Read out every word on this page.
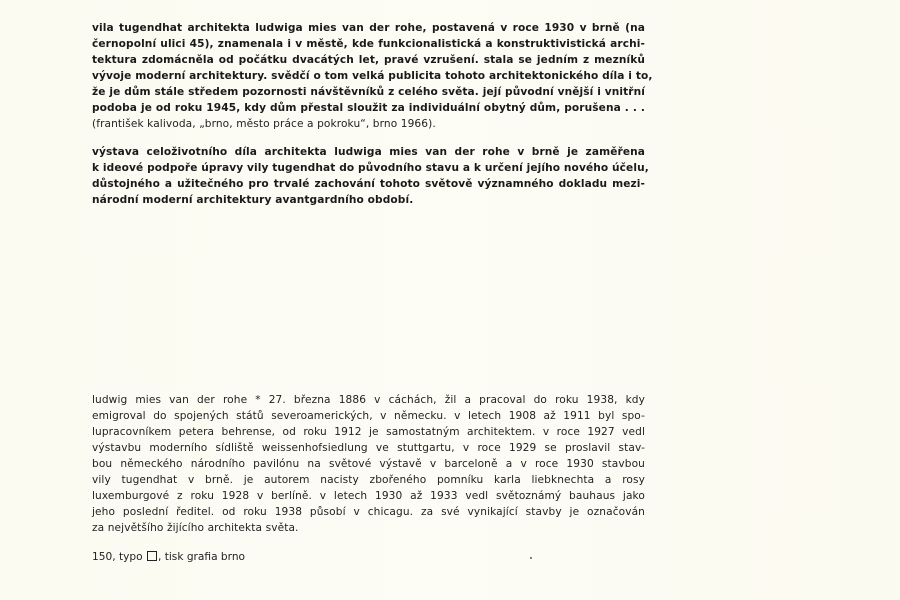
vila tugendhat architekta ludwiga mies van der rohe, postavená v roce 1930 v brně (na
černopolní ulici 45), znamenala i v městě, kde funkcionalistická a konstruktivistická archi-
tektura zdomácněla od počátku dvacátých let, pravé vzrušení. stala se jedním z mezníků
vývoje moderní architektury. svědčí o tom velká publicita tohoto architektonického díla i to,
že je dům stále středem pozornosti návštěvníků z celého světa. její původní vnější i vnitřní
podoba je od roku 1945, kdy dům přestal sloužit za individuální obytný dům, porušena . . .
(františek kalivoda, „brno, město práce a pokroku“, brno 1966).
výstava celoživotního díla architekta ludwiga mies van der rohe v brně je zaměřena
k ideové podpoře úpravy vily tugendhat do původního stavu a k určení jejího nového účelu,
důstojného a užitečného pro trvalé zachování tohoto světově významného dokladu mezi-
národní moderní architektury avantgardního období.
ludwig mies van der rohe * 27. března 1886 v cáchách, žil a pracoval do roku 1938, kdy
emigroval do spojených států severoamerických, v německu. v letech 1908 až 1911 byl spo-
lupracovníkem petera behrense, od roku 1912 je samostatným architektem. v roce 1927 vedl
výstavbu moderního sídliště weissenhofsiedlung ve stuttgartu, v roce 1929 se proslavil stav-
bou německého národního pavilónu na světové výstavě v barceloně a v roce 1930 stavbou
vily tugendhat v brně. je autorem nacisty zbořeného pomníku karla liebknechta a rosy
luxemburgové z roku 1928 v berlíně. v letech 1930 až 1933 vedl světoznámý bauhaus jako
jeho poslední ředitel. od roku 1938 působí v chicagu. za své vynikající stavby je označován
za největšího žijícího architekta světa.
150, typo , tisk grafia brno
